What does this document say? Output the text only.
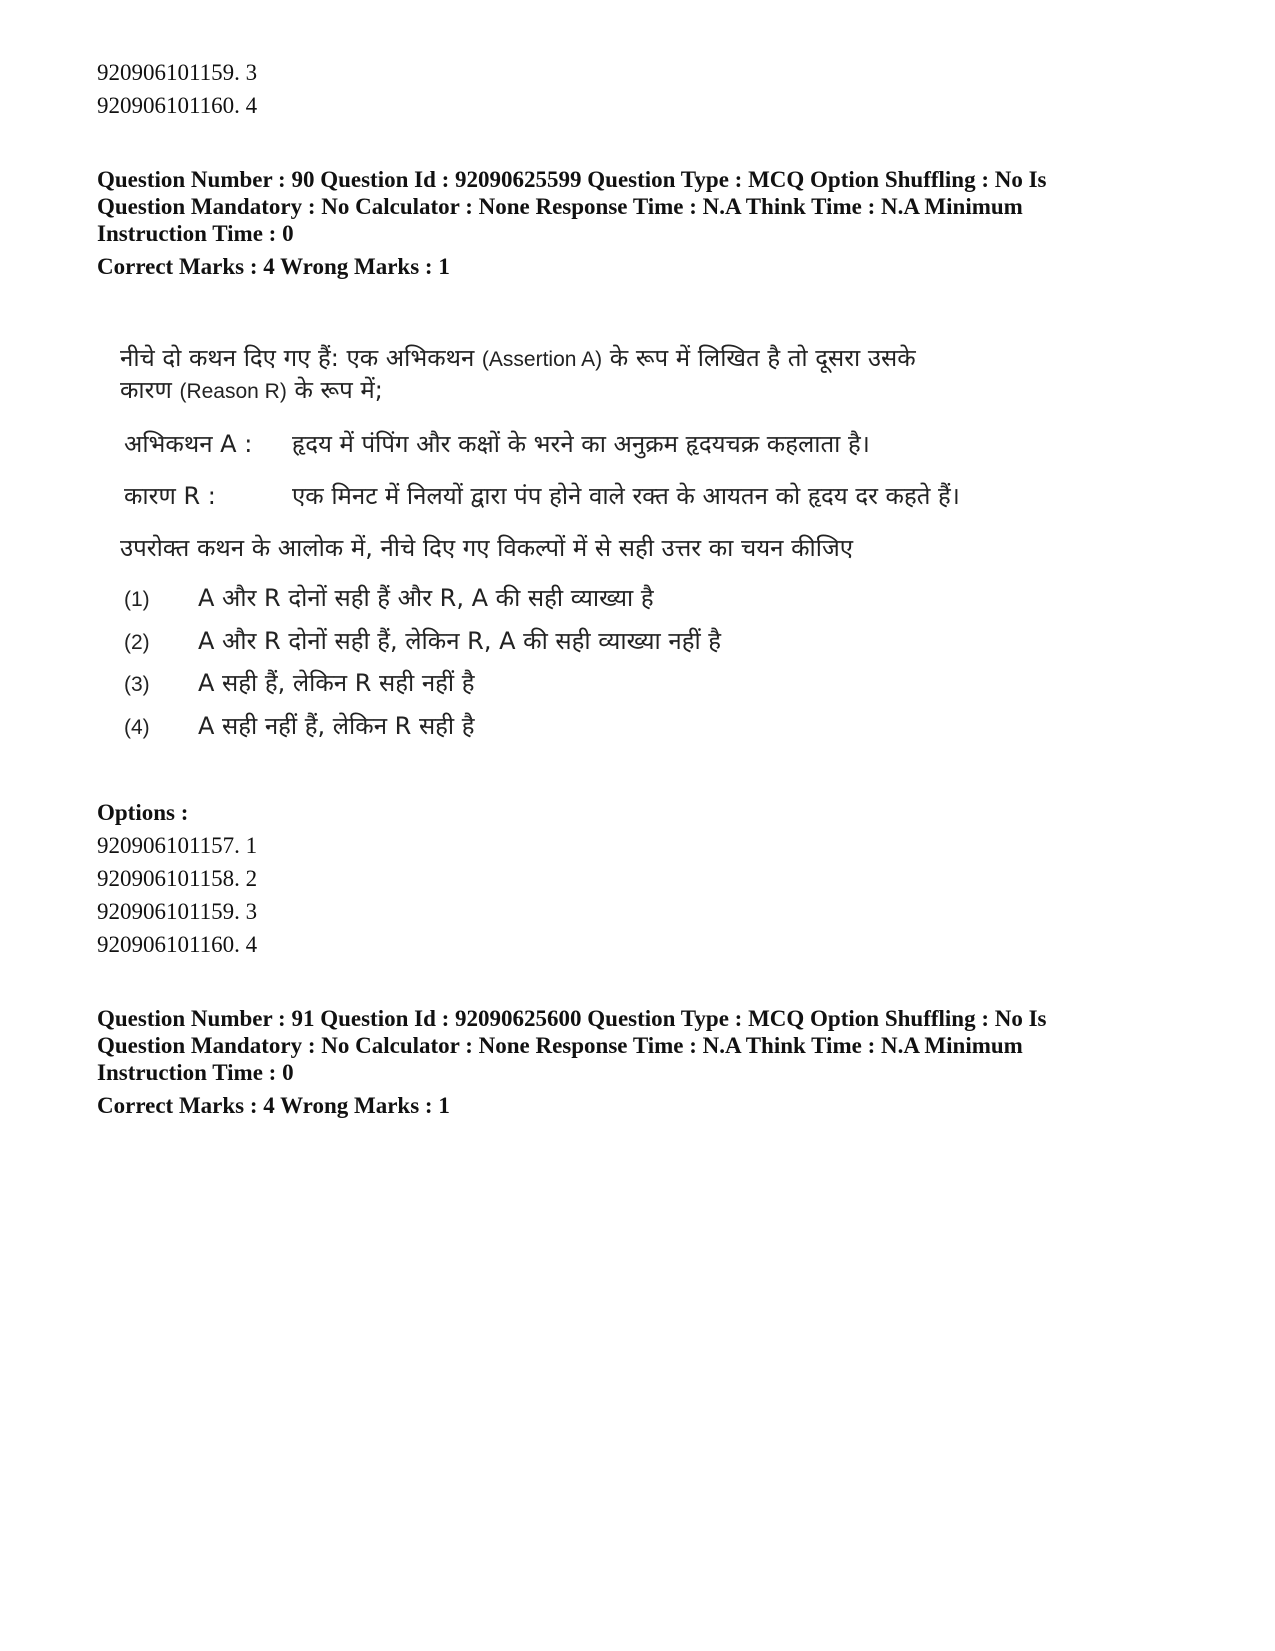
920906101159. 3
920906101160. 4
Question Number : 90 Question Id : 92090625599 Question Type : MCQ Option Shuffling : No Is
Question Mandatory : No Calculator : None Response Time : N.A Think Time : N.A Minimum
Instruction Time : 0
Correct Marks : 4 Wrong Marks : 1
नीचे दो कथन दिए गए हैं: एक अभिकथन (Assertion A) के रूप में लिखित है तो दूसरा उसके
कारण (Reason R) के रूप में;
अभिकथन A : हृदय में पंपिंग और कक्षों के भरने का अनुक्रम हृदयचक्र कहलाता है।
कारण R :	एक मिनट में निलयों द्वारा पंप होने वाले रक्त के आयतन को हृदय दर कहते हैं।
उपरोक्त कथन के आलोक में, नीचे दिए गए विकल्पों में से सही उत्तर का चयन कीजिए
(1) A और R दोनों सही हैं और R, A की सही व्याख्या है
(2) A और R दोनों सही हैं, लेकिन R, A की सही व्याख्या नहीं है
(3) A सही हैं, लेकिन R सही नहीं है
(4) A सही नहीं हैं, लेकिन R सही है
Options :
920906101157. 1
920906101158. 2
920906101159. 3
920906101160. 4
Question Number : 91 Question Id : 92090625600 Question Type : MCQ Option Shuffling : No Is
Question Mandatory : No Calculator : None Response Time : N.A Think Time : N.A Minimum
Instruction Time : 0
Correct Marks : 4 Wrong Marks : 1
